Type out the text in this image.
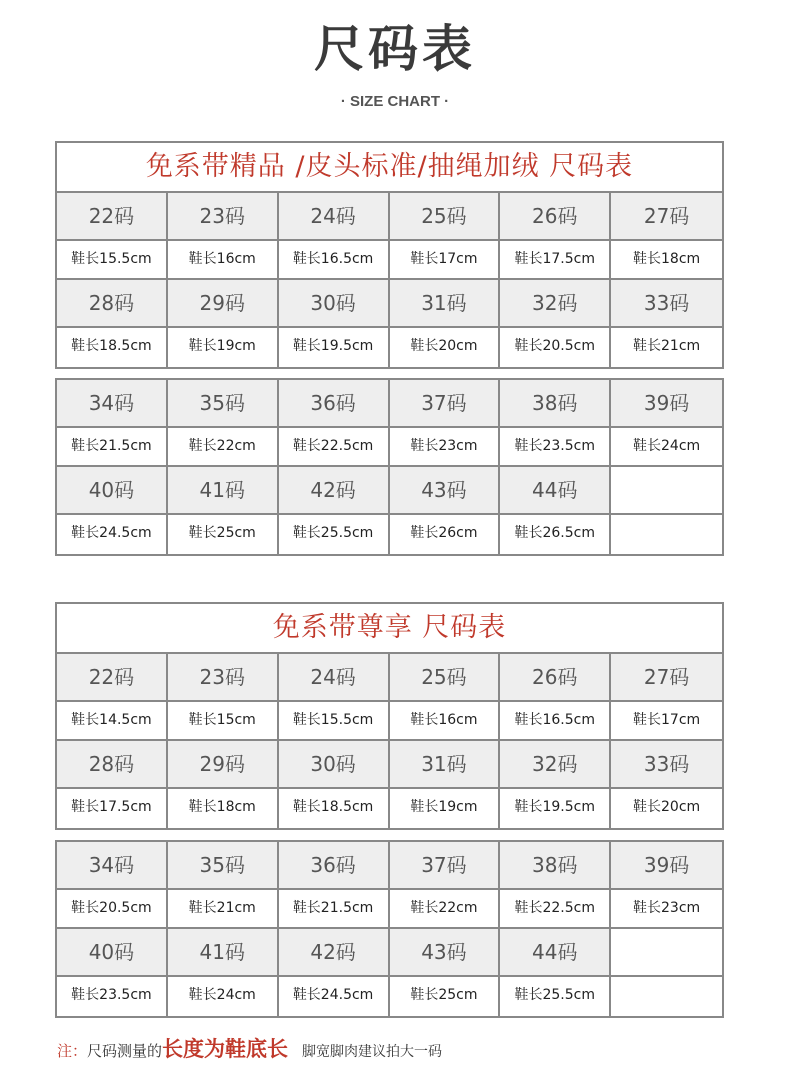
尺码表
· SIZE CHART ·
免系带精品 /皮头标准/抽绳加绒 尺码表
22码	23码	24码	25码	26码	27码
鞋长15.5cm	鞋长16cm	鞋长16.5cm	鞋长17cm	鞋长17.5cm	鞋长18cm
28码	29码	30码	31码	32码	33码
鞋长18.5cm	鞋长19cm	鞋长19.5cm	鞋长20cm	鞋长20.5cm	鞋长21cm
34码	35码	36码	37码	38码	39码
鞋长21.5cm	鞋长22cm	鞋长22.5cm	鞋长23cm	鞋长23.5cm	鞋长24cm
40码	41码	42码	43码	44码
鞋长24.5cm	鞋长25cm	鞋长25.5cm	鞋长26cm	鞋长26.5cm
免系带尊享 尺码表
22码	23码	24码	25码	26码	27码
鞋长14.5cm	鞋长15cm	鞋长15.5cm	鞋长16cm	鞋长16.5cm	鞋长17cm
28码	29码	30码	31码	32码	33码
鞋长17.5cm	鞋长18cm	鞋长18.5cm	鞋长19cm	鞋长19.5cm	鞋长20cm
34码	35码	36码	37码	38码	39码
鞋长20.5cm	鞋长21cm	鞋长21.5cm	鞋长22cm	鞋长22.5cm	鞋长23cm
40码	41码	42码	43码	44码
鞋长23.5cm	鞋长24cm	鞋长24.5cm	鞋长25cm	鞋长25.5cm
注：尺码测量的长度为鞋底长 脚宽脚肉建议拍大一码
